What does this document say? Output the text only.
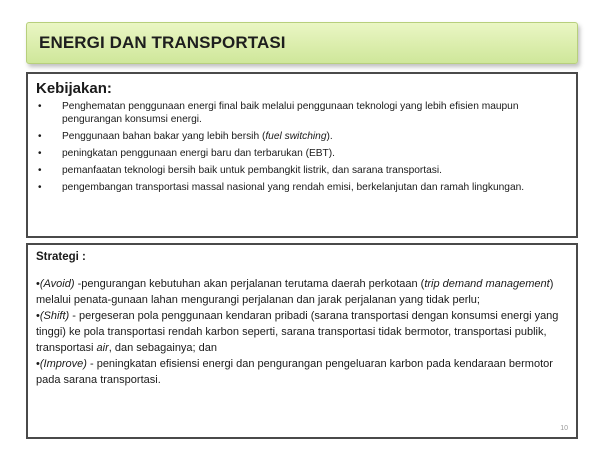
ENERGI DAN TRANSPORTASI
Kebijakan:
• Penghematan penggunaan energi final baik melalui penggunaan teknologi yang lebih efisien maupun pengurangan konsumsi energi.
• Penggunaan bahan bakar yang lebih bersih (fuel switching).
• peningkatan penggunaan energi baru dan terbarukan (EBT).
• pemanfaatan teknologi bersih baik untuk pembangkit listrik, dan sarana transportasi.
• pengembangan transportasi massal nasional yang rendah emisi, berkelanjutan dan ramah lingkungan.
Strategi :

•(Avoid) -pengurangan kebutuhan akan perjalanan terutama daerah perkotaan (trip demand management) melalui penata-gunaan lahan mengurangi perjalanan dan jarak perjalanan yang tidak perlu;

•(Shift) - pergeseran pola penggunaan kendaran pribadi (sarana transportasi dengan konsumsi energi yang tinggi) ke pola transportasi rendah karbon seperti, sarana transportasi tidak bermotor, transportasi publik, transportasi air, dan sebagainya; dan

•(Improve) - peningkatan efisiensi energi dan pengurangan pengeluaran karbon pada kendaraan bermotor pada sarana transportasi.

10
